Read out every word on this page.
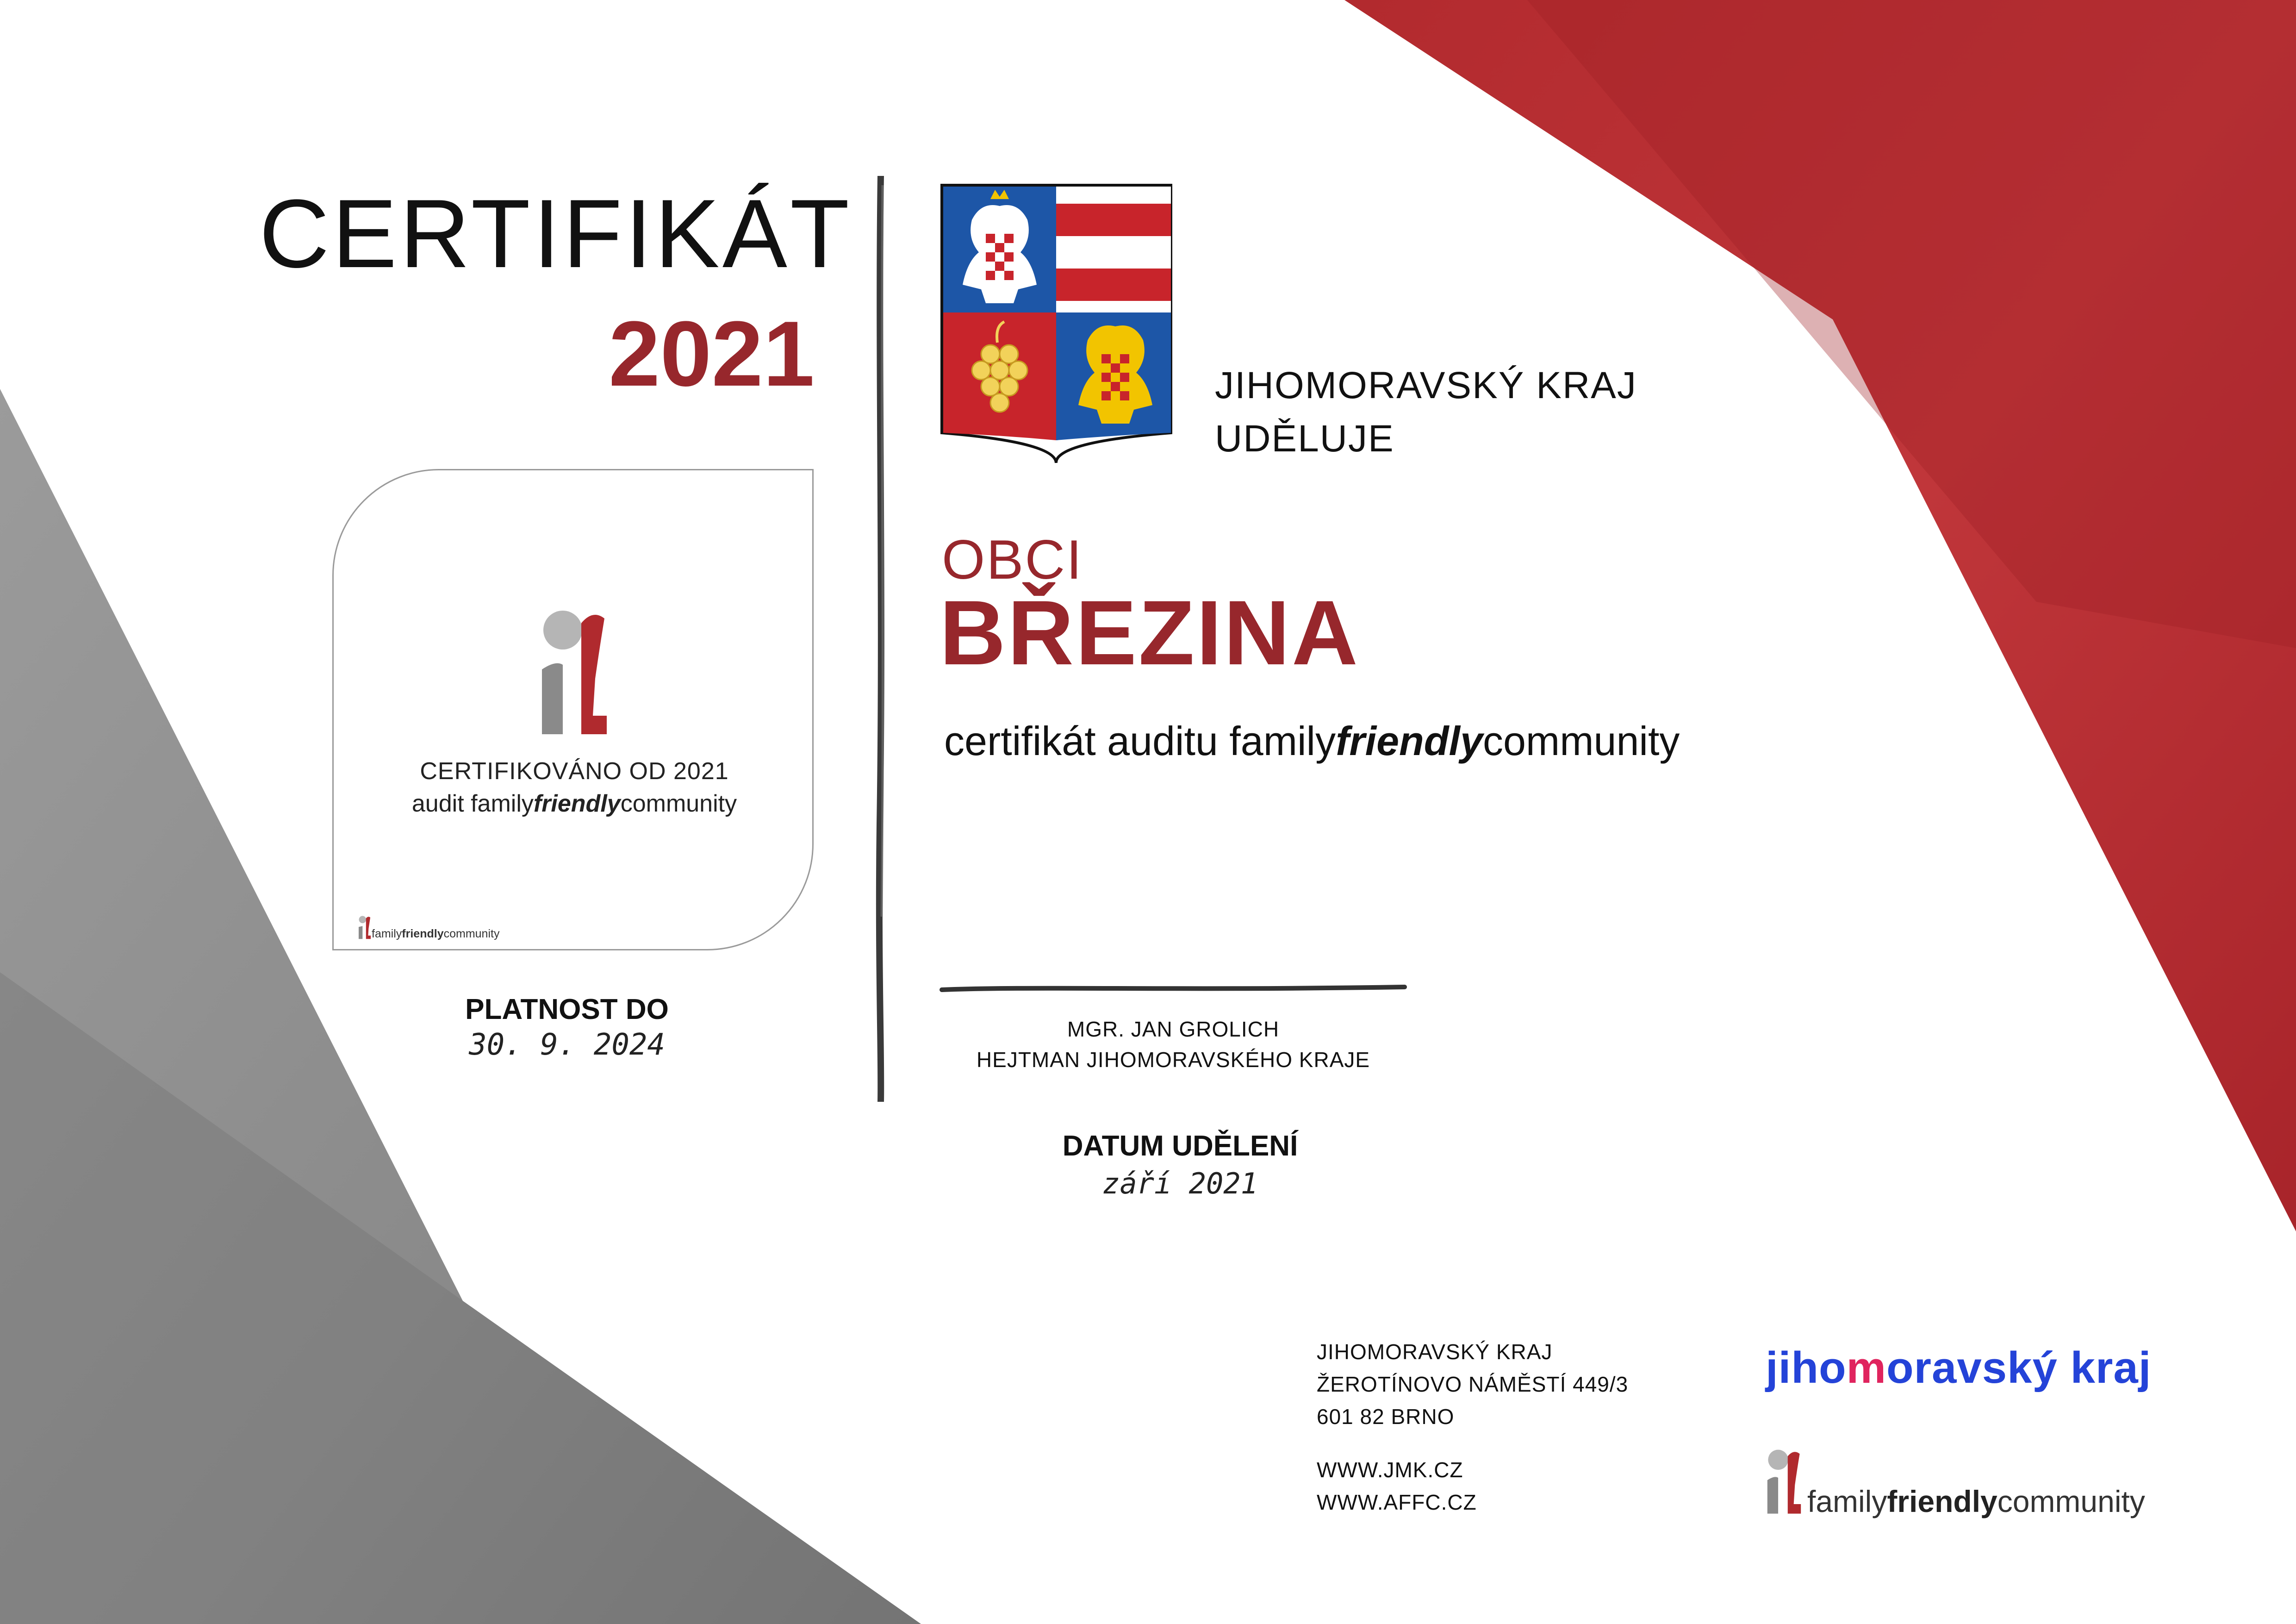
CERTIFIKÁT
2021
CERTIFIKOVÁNO OD 2021
audit familyfriendlycommunity
familyfriendlycommunity
PLATNOST DO
30. 9. 2024
JIHOMORAVSKÝ KRAJ
UDĚLUJE
OBCI
BŘEZINA
certifikát auditu familyfriendlycommunity
MGR. JAN GROLICH
HEJTMAN JIHOMORAVSKÉHO KRAJE
DATUM UDĚLENÍ
září 2021
JIHOMORAVSKÝ KRAJ
ŽEROTÍNOVO NÁMĚSTÍ 449/3
601 82 BRNO
WWW.JMK.CZ
WWW.AFFC.CZ
jihomoravský kraj
familyfriendlycommunity
